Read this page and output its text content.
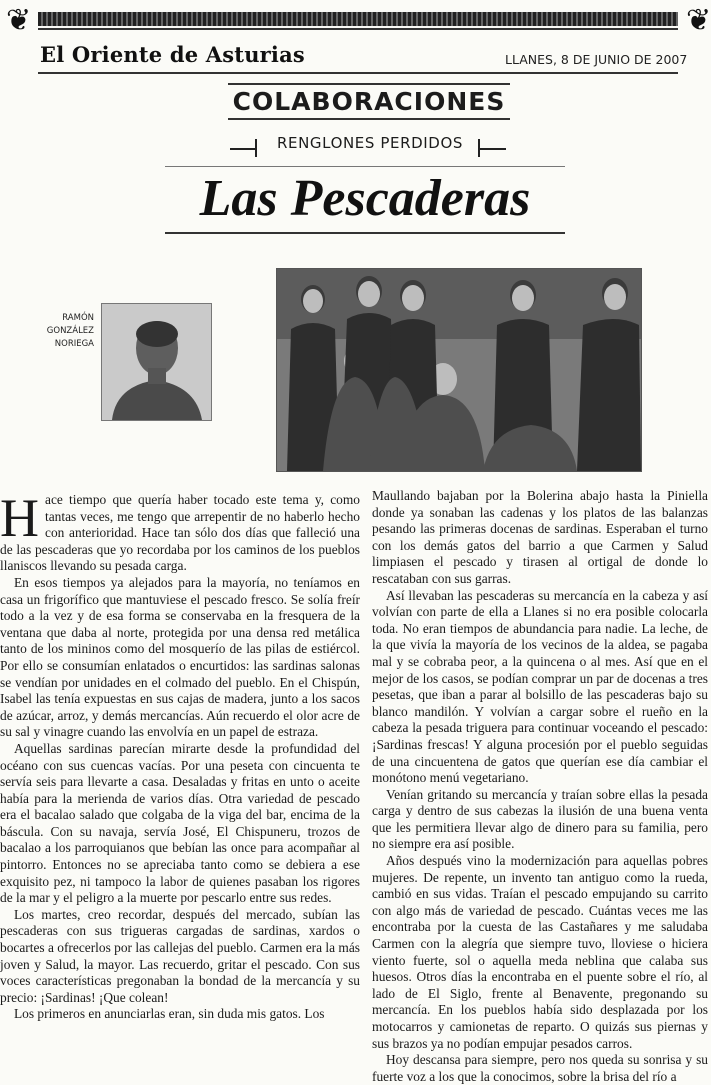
❦	❦
El Oriente de Asturias	LLANES, 8 DE JUNIO DE 2007
COLABORACIONES
RENGLONES PERDIDOS
Las Pescaderas
RAMÓN
GONZÁLEZ
NORIEGA

Hace tiempo que quería haber tocado este tema y, como tantas veces, me tengo que arrepentir de no haberlo hecho con anterioridad. Hace tan sólo dos días que falleció una de las pescaderas que yo recordaba por los caminos de los pueblos llaniscos llevando su pesada carga.

En esos tiempos ya alejados para la mayoría, no teníamos en casa un frigorífico que mantuviese el pescado fresco. Se solía freír todo a la vez y de esa forma se conservaba en la fresquera de la ventana que daba al norte, protegida por una densa red metálica tanto de los mininos como del mosquerío de las pilas de estiércol. Por ello se consumían enlatados o encurtidos: las sardinas salonas se vendían por unidades en el colmado del pueblo. En el Chispún, Isabel las tenía expuestas en sus cajas de madera, junto a los sacos de azúcar, arroz, y demás mercancías. Aún recuerdo el olor acre de su sal y vinagre cuando las envolvía en un papel de estraza.

Aquellas sardinas parecían mirarte desde la profundidad del océano con sus cuencas vacías. Por una peseta con cincuenta te servía seis para llevarte a casa. Desaladas y fritas en unto o aceite había para la merienda de varios días. Otra variedad de pescado era el bacalao salado que colgaba de la viga del bar, encima de la báscula. Con su navaja, servía José, El Chispuneru, trozos de bacalao a los parroquianos que bebían las once para acompañar al pintorro. Entonces no se apreciaba tanto como se debiera a ese exquisito pez, ni tampoco la labor de quienes pasaban los rigores de la mar y el peligro a la muerte por pescarlo entre sus redes.

Los martes, creo recordar, después del mercado, subían las pescaderas con sus trigueras cargadas de sardinas, xardos o bocartes a ofrecerlos por las callejas del pueblo. Carmen era la más joven y Salud, la mayor. Las recuerdo, gritar el pescado. Con sus voces características pregonaban la bondad de la mercancía y su precio: ¡Sardinas! ¡Que colean!

Los primeros en anunciarlas eran, sin duda mis gatos. Los

Maullando bajaban por la Bolerina abajo hasta la Piniella donde ya sonaban las cadenas y los platos de las balanzas pesando las primeras docenas de sardinas. Esperaban el turno con los demás gatos del barrio a que Carmen y Salud limpiasen el pescado y tirasen al ortigal de donde lo rescataban con sus garras.

Así llevaban las pescaderas su mercancía en la cabeza y así volvían con parte de ella a Llanes si no era posible colocarla toda. No eran tiempos de abundancia para nadie. La leche, de la que vivía la mayoría de los vecinos de la aldea, se pagaba mal y se cobraba peor, a la quincena o al mes. Así que en el mejor de los casos, se podían comprar un par de docenas a tres pesetas, que iban a parar al bolsillo de las pescaderas bajo su blanco mandilón. Y volvían a cargar sobre el rueño en la cabeza la pesada triguera para continuar voceando el pescado: ¡Sardinas frescas! Y alguna procesión por el pueblo seguidas de una cincuentena de gatos que querían ese día cambiar el monótono menú vegetariano.

Venían gritando su mercancía y traían sobre ellas la pesada carga y dentro de sus cabezas la ilusión de una buena venta que les permitiera llevar algo de dinero para su familia, pero no siempre era así posible.

Años después vino la modernización para aquellas pobres mujeres. De repente, un invento tan antiguo como la rueda, cambió en sus vidas. Traían el pescado empujando su carrito con algo más de variedad de pescado. Cuántas veces me las encontraba por la cuesta de las Castañares y me saludaba Carmen con la alegría que siempre tuvo, lloviese o hiciera viento fuerte, sol o aquella meda neblina que calaba sus huesos. Otros días la encontraba en el puente sobre el río, al lado de El Siglo, frente al Benavente, pregonando su mercancía. En los pueblos había sido desplazada por los motocarros y camionetas de reparto. O quizás sus piernas y sus brazos ya no podían empujar pesados carros.

Hoy descansa para siempre, pero nos queda su sonrisa y su fuerte voz a los que la conocimos, sobre la brisa del río a
